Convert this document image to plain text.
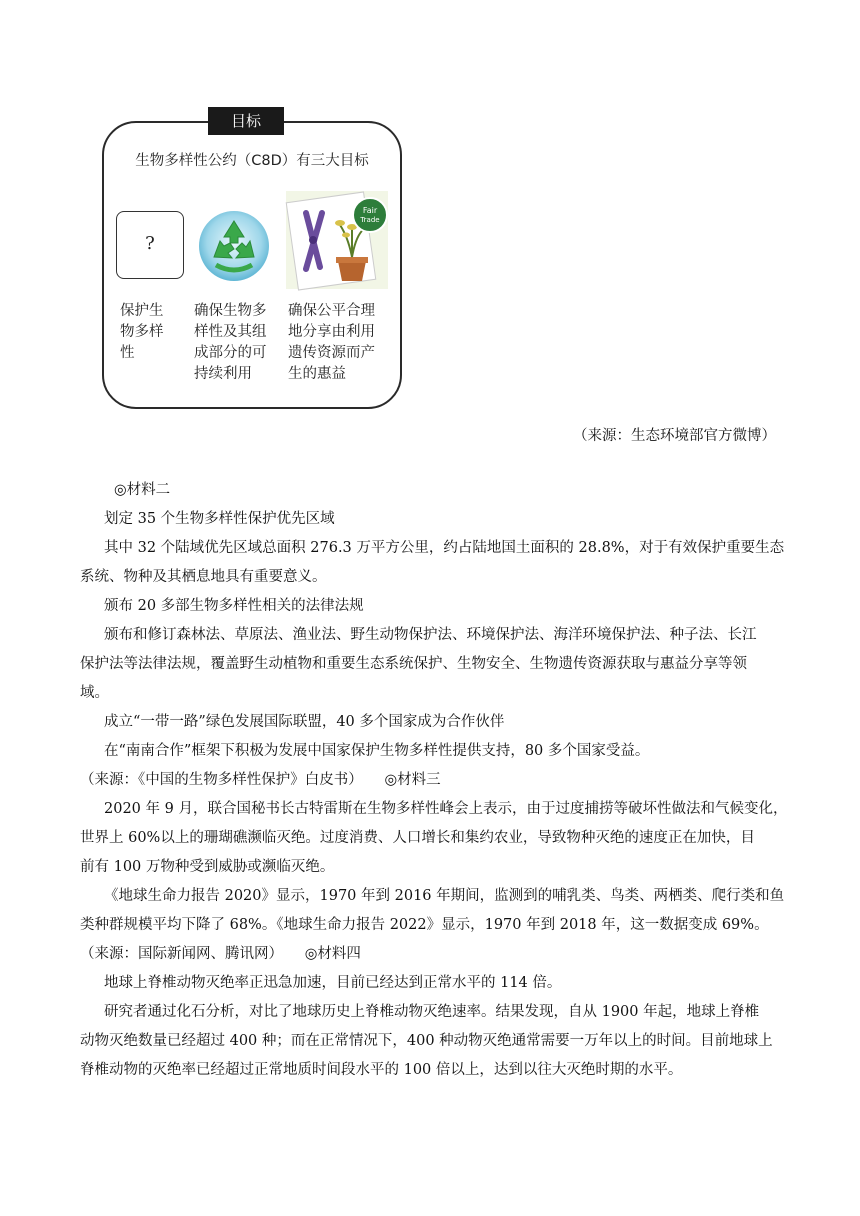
目标
生物多样性公约（C8D）有三大目标
?
Fair
Trade
保护生
物多样
性
确保生物多
样性及其组
成部分的可
持续利用
确保公平合理
地分享由利用
遗传资源而产
生的惠益
（来源：生态环境部官方微博）
◎材料二
划定 35 个生物多样性保护优先区域
其中 32 个陆域优先区域总面积 276.3 万平方公里，约占陆地国土面积的 28.8%，对于有效保护重要生态
系统、物种及其栖息地具有重要意义。
颁布 20 多部生物多样性相关的法律法规
颁布和修订森林法、草原法、渔业法、野生动物保护法、环境保护法、海洋环境保护法、种子法、长江
保护法等法律法规，覆盖野生动植物和重要生态系统保护、生物安全、生物遗传资源获取与惠益分享等领
域。
成立“一带一路”绿色发展国际联盟，40 多个国家成为合作伙伴
在“南南合作”框架下积极为发展中国家保护生物多样性提供支持，80 多个国家受益。
（来源：《中国的生物多样性保护》白皮书）　　◎材料三
2020 年 9 月，联合国秘书长古特雷斯在生物多样性峰会上表示，由于过度捕捞等破坏性做法和气候变化，
世界上 60%以上的珊瑚礁濒临灭绝。过度消费、人口增长和集约农业，导致物种灭绝的速度正在加快，目
前有 100 万物种受到威胁或濒临灭绝。
《地球生命力报告 2020》显示，1970 年到 2016 年期间，监测到的哺乳类、鸟类、两栖类、爬行类和鱼
类种群规模平均下降了 68%。《地球生命力报告 2022》显示，1970 年到 2018 年，这一数据变成 69%。
（来源：国际新闻网、腾讯网）　　◎材料四
地球上脊椎动物灭绝率正迅急加速，目前已经达到正常水平的 114 倍。
研究者通过化石分析，对比了地球历史上脊椎动物灭绝速率。结果发现，自从 1900 年起，地球上脊椎
动物灭绝数量已经超过 400 种；而在正常情况下，400 种动物灭绝通常需要一万年以上的时间。目前地球上
脊椎动物的灭绝率已经超过正常地质时间段水平的 100 倍以上，达到以往大灭绝时期的水平。
